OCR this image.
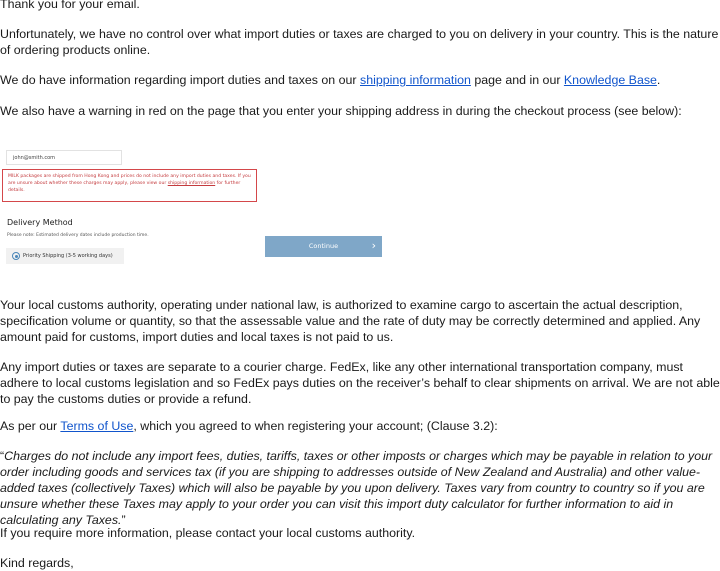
Thank you for your email.

Unfortunately, we have no control over what import duties or taxes are charged to you on delivery in your country. This is the nature of ordering products online.

We do have information regarding import duties and taxes on our shipping information page and in our Knowledge Base.

We also have a warning in red on the page that you enter your shipping address in during the checkout process (see below):

john@smith.com
MILK packages are shipped from Hong Kong and prices do not include any import duties and taxes. If you are unsure about whether these charges may apply, please view our shipping information for further details.
Delivery Method
Please note: Estimated delivery dates include production time.
Priority Shipping (3-5 working days)
Continue	›

Your local customs authority, operating under national law, is authorized to examine cargo to ascertain the actual description, specification volume or quantity, so that the assessable value and the rate of duty may be correctly determined and applied. Any amount paid for customs, import duties and local taxes is not paid to us.

Any import duties or taxes are separate to a courier charge. FedEx, like any other international transportation company, must adhere to local customs legislation and so FedEx pays duties on the receiver’s behalf to clear shipments on arrival. We are not able to pay the customs duties or provide a refund.

As per our Terms of Use, which you agreed to when registering your account; (Clause 3.2):

“Charges do not include any import fees, duties, tariffs, taxes or other imposts or charges which may be payable in relation to your order including goods and services tax (if you are shipping to addresses outside of New Zealand and Australia) and other value-added taxes (collectively Taxes) which will also be payable by you upon delivery. Taxes vary from country to country so if you are unsure whether these Taxes may apply to your order you can visit this import duty calculator for further information to aid in calculating any Taxes.”

If you require more information, please contact your local customs authority.

Kind regards,
